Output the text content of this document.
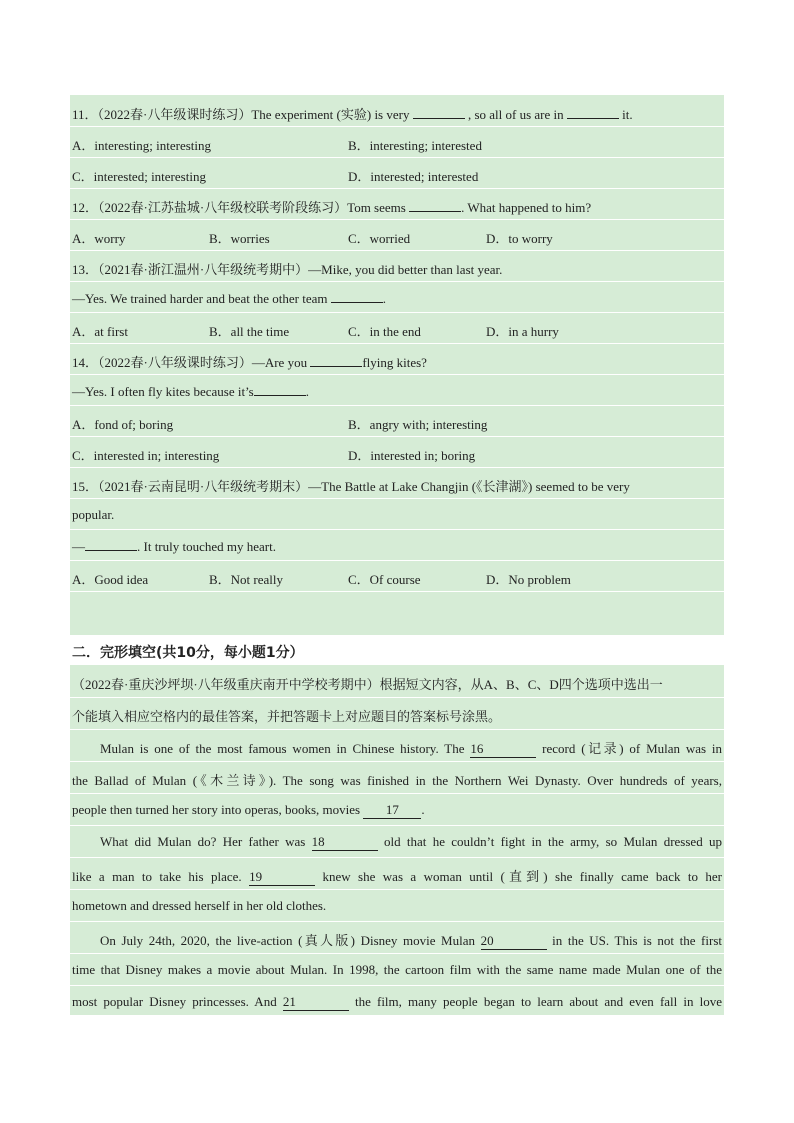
11．（2022春·八年级课时练习）The experiment (实验) is very	, so all of us are in	it.
A．interesting; interesting	B．interesting; interested
C．interested; interesting	D．interested; interested
12．（2022春·江苏盐城·八年级校联考阶段练习）Tom seems	. What happened to him?
A．worry	B．worries	C．worried	D．to worry
13．（2021春·浙江温州·八年级统考期中）—Mike, you did better than last year.
—Yes. We trained harder and beat the other team	.
A．at first	B．all the time	C．in the end	D．in a hurry
14．（2022春·八年级课时练习）—Are you	flying kites?
—Yes. I often fly kites because it’s	.
A．fond of; boring	B．angry with; interesting
C．interested in; interesting	D．interested in; boring
15．（2021春·云南昆明·八年级统考期末）—The Battle at Lake Changjin (《长津湖》) seemed to be very
popular.
—	. It truly touched my heart.
A．Good idea	B．Not really	C．Of course	D．No problem
二．完形填空(共10分，每小题1分）
（2022春·重庆沙坪坝·八年级重庆南开中学校考期中）根据短文内容，从A、B、C、D四个选项中选出一
个能填入相应空格内的最佳答案，并把答题卡上对应题目的答案标号涂黑。
Mulan is one of the most famous women in Chinese history. The 16	record (记录) of Mulan was in
the Ballad of Mulan (《木兰诗》). The song was finished in the Northern Wei Dynasty. Over hundreds of years,
people then turned her story into operas, books, movies 17 .
What did Mulan do? Her father was 18	old that he couldn’t fight in the army, so Mulan dressed up
like a man to take his place. 19	knew she was a woman until (直到) she finally came back to her
hometown and dressed herself in her old clothes.
On July 24th, 2020, the live-action (真人版) Disney movie Mulan 20	in the US. This is not the first
time that Disney makes a movie about Mulan. In 1998, the cartoon film with the same name made Mulan one of the
most popular Disney princesses. And 21	the film, many people began to learn about and even fall in love
